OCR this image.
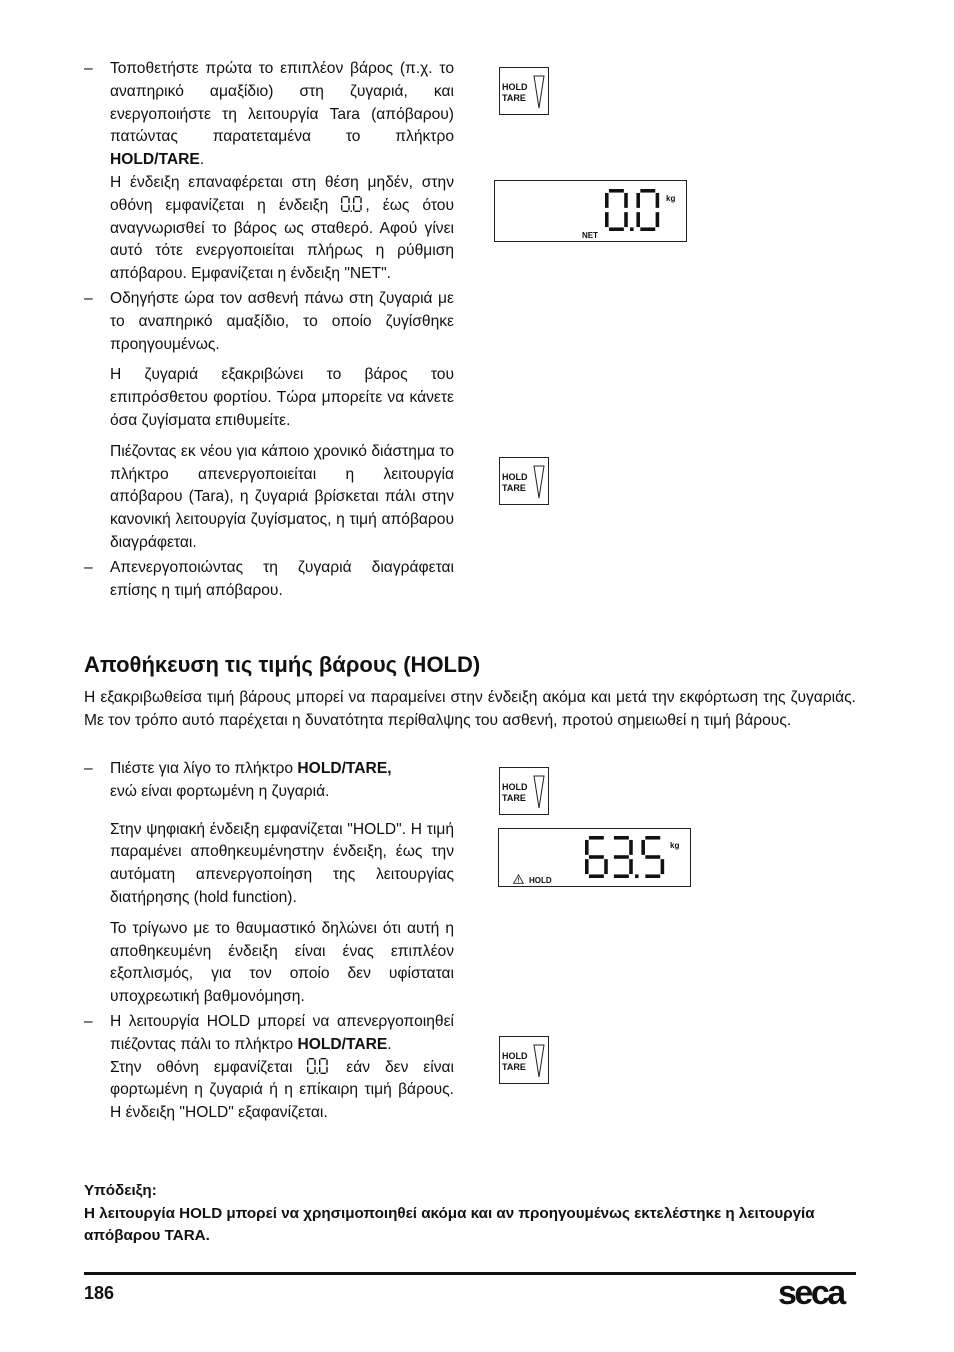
– Τοποθετήστε πρώτα το επιπλέον βάρος (π.χ. το αναπηρικό αμαξίδιο) στη ζυγαριά, και ενεργοποιήστε τη λειτουργία Tara (απόβαρου) πατώντας παρατεταμένα το πλήκτρο HOLD/TARE.

Η ένδειξη επαναφέρεται στη θέση μηδέν, στην οθόνη εμφανίζεται η ένδειξη , έως ότου αναγνωρισθεί το βάρος ως σταθερό. Αφού γίνει αυτό τότε ενεργοποιείται πλήρως η ρύθμιση απόβαρου. Εμφανίζεται η ένδειξη "NET".

– Οδηγήστε ώρα τον ασθενή πάνω στη ζυγαριά με το αναπηρικό αμαξίδιο, το οποίο ζυγίσθηκε προηγουμένως.

Η ζυγαριά εξακριβώνει το βάρος του επιπρόσθετου φορτίου. Τώρα μπορείτε να κάνετε όσα ζυγίσματα επιθυμείτε.

Πιέζοντας εκ νέου για κάποιο χρονικό διάστημα το πλήκτρο απενεργοποιείται η λειτουργία απόβαρου (Tara), η ζυγαριά βρίσκεται πάλι στην κανονική λειτουργία ζυγίσματος, η τιμή απόβαρου διαγράφεται.

– Απενεργοποιώντας τη ζυγαριά διαγράφεται επίσης η τιμή απόβαρου.

HOLD
TARE
kg
NET
HOLD
TARE
Αποθήκευση τις τιμής βάρους (HOLD)

Η εξακριβωθείσα τιμή βάρους μπορεί να παραμείνει στην ένδειξη ακόμα και μετά την εκφόρτωση της ζυγαριάς. Με τον τρόπο αυτό παρέχεται η δυνατότητα περίθαλψης του ασθενή, προτού σημειωθεί η τιμή βάρους.

– Πιέστε για λίγο το πλήκτρο HOLD/TARE,
ενώ είναι φορτωμένη η ζυγαριά.

Στην ψηφιακή ένδειξη εμφανίζεται "HOLD". Η τιμή παραμένει αποθηκευμένηστην ένδειξη, έως την αυτόματη απενεργοποίηση της λειτουργίας διατήρησης (hold function).

Το τρίγωνο με το θαυμαστικό δηλώνει ότι αυτή η αποθηκευμένη ένδειξη είναι ένας επιπλέον εξοπλισμός, για τον οποίο δεν υφίσταται υποχρεωτική βαθμονόμηση.

– Η λειτουργία HOLD μπορεί να απενεργοποιηθεί πιέζοντας πάλι το πλήκτρο HOLD/TARE.

Στην οθόνη εμφανίζεται  εάν δεν είναι φορτωμένη η ζυγαριά ή η επίκαιρη τιμή βάρους. Η ένδειξη "HOLD" εξαφανίζεται.

HOLD
TARE
kg
HOLD
HOLD
TARE
Υπόδειξη:
Η λειτουργία HOLD μπορεί να χρησιμοποιηθεί ακόμα και αν προηγουμένως εκτελέστηκε η λειτουργία απόβαρου TARA.
186	seca
